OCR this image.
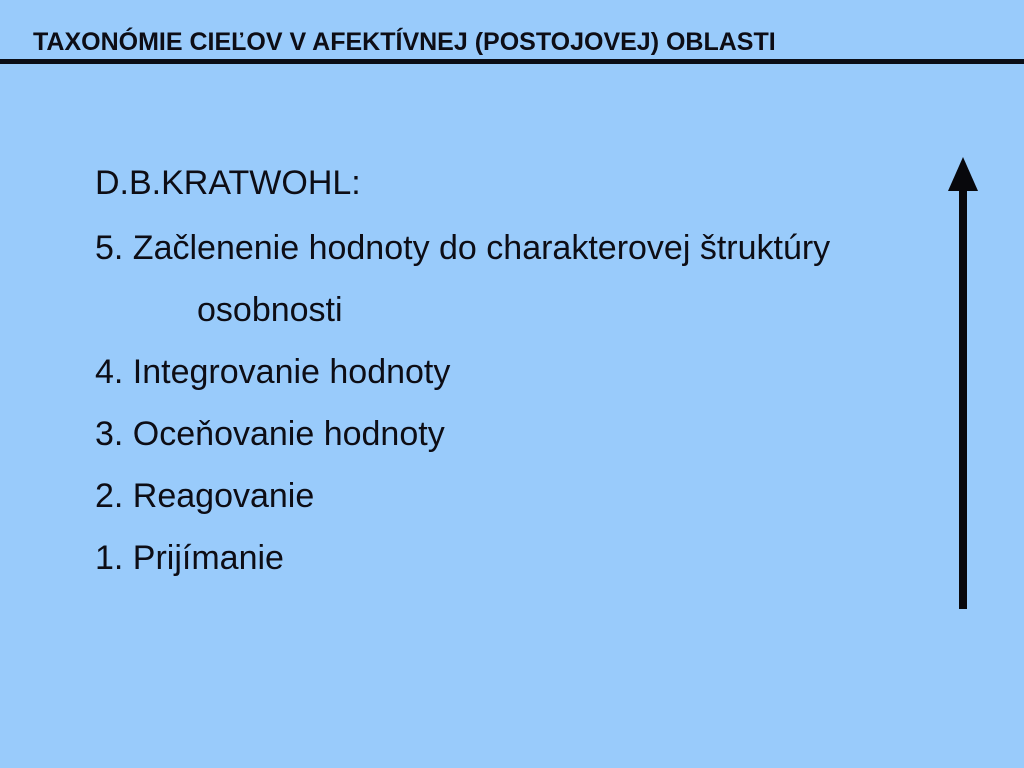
TAXONÓMIE CIEĽOV V AFEKTÍVNEJ (POSTOJOVEJ) OBLASTI
D.B.KRATWOHL:
5. Začlenenie hodnoty do charakterovej štruktúry
osobnosti
4. Integrovanie hodnoty
3. Oceňovanie hodnoty
2. Reagovanie
1. Prijímanie
